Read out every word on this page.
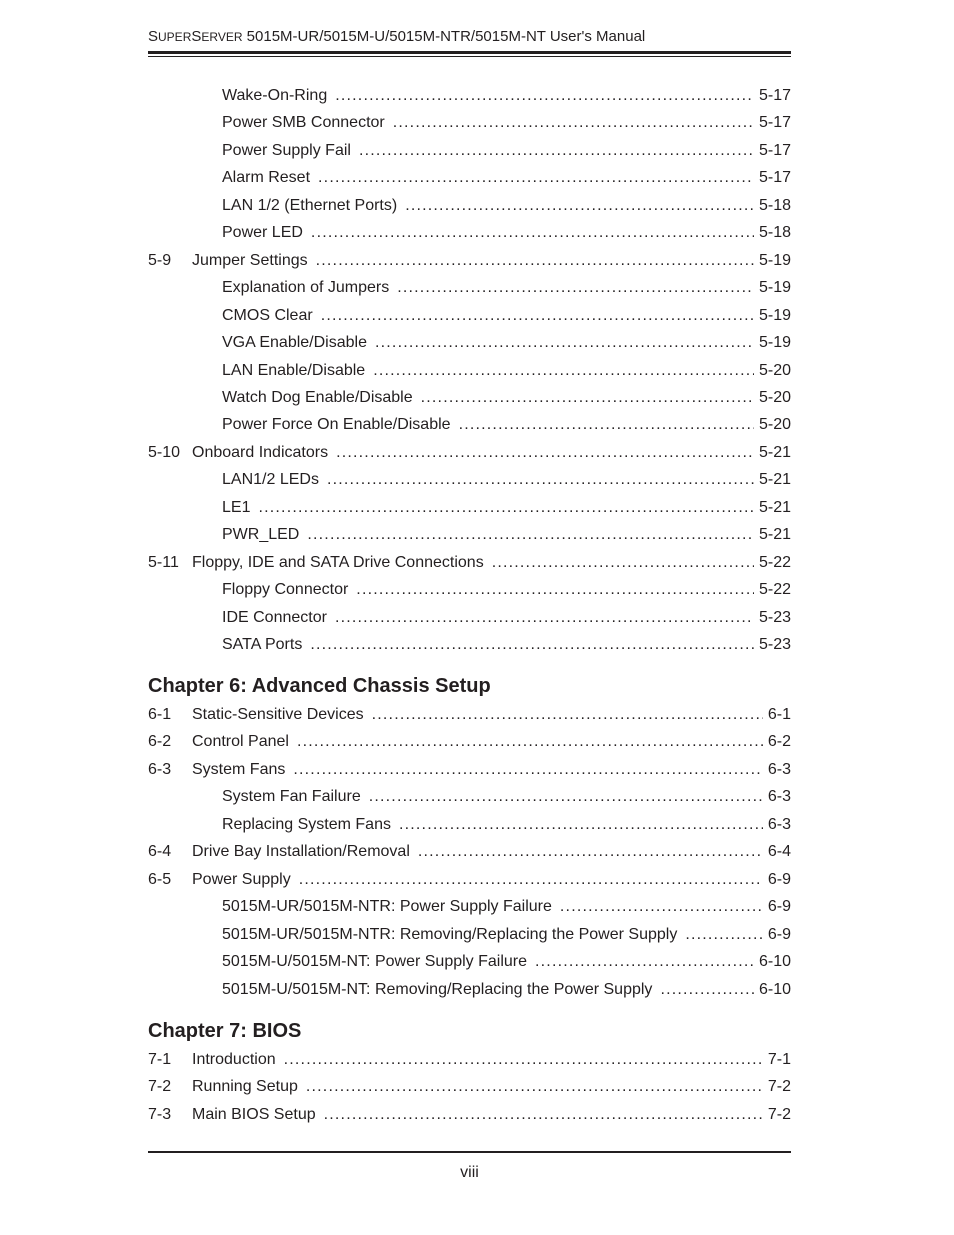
SUPERSERVER 5015M-UR/5015M-U/5015M-NTR/5015M-NT User's Manual
Chapter 6: Advanced Chassis Setup
Chapter 7: BIOS
Wake-On-Ring .....	5-17
Power SMB Connector .....	5-17
Power Supply Fail .....	5-17
Alarm Reset .....	5-17
LAN 1/2 (Ethernet Ports) .....	5-18
Power LED .....	5-18
5-9	Jumper Settings .....	5-19
Explanation of Jumpers .....	5-19
CMOS Clear .....	5-19
VGA Enable/Disable .....	5-19
LAN Enable/Disable .....	5-20
Watch Dog Enable/Disable .....	5-20
Power Force On Enable/Disable .....	5-20
5-10 Onboard Indicators .....	5-21
LAN1/2 LEDs .....	5-21
LE1 .....	5-21
PWR_LED .....	5-21
5-11 Floppy, IDE and SATA Drive Connections .....	5-22
Floppy Connector .....	5-22
IDE Connector .....	5-23
SATA Ports .....	5-23
6-1	Static-Sensitive Devices .....	6-1
6-2	Control Panel .....	6-2
6-3	System Fans .....	6-3
System Fan Failure .....	6-3
Replacing System Fans .....	6-3
6-4	Drive Bay Installation/Removal .....	6-4
6-5	Power Supply .....	6-9
5015M-UR/5015M-NTR: Power Supply Failure .....	6-9
5015M-UR/5015M-NTR: Removing/Replacing the Power Supply .....	6-9
5015M-U/5015M-NT: Power Supply Failure .....	6-10
5015M-U/5015M-NT: Removing/Replacing the Power Supply .....	6-10
7-1	Introduction .....	7-1
7-2	Running Setup .....	7-2
7-3	Main BIOS Setup .....	7-2
viii
